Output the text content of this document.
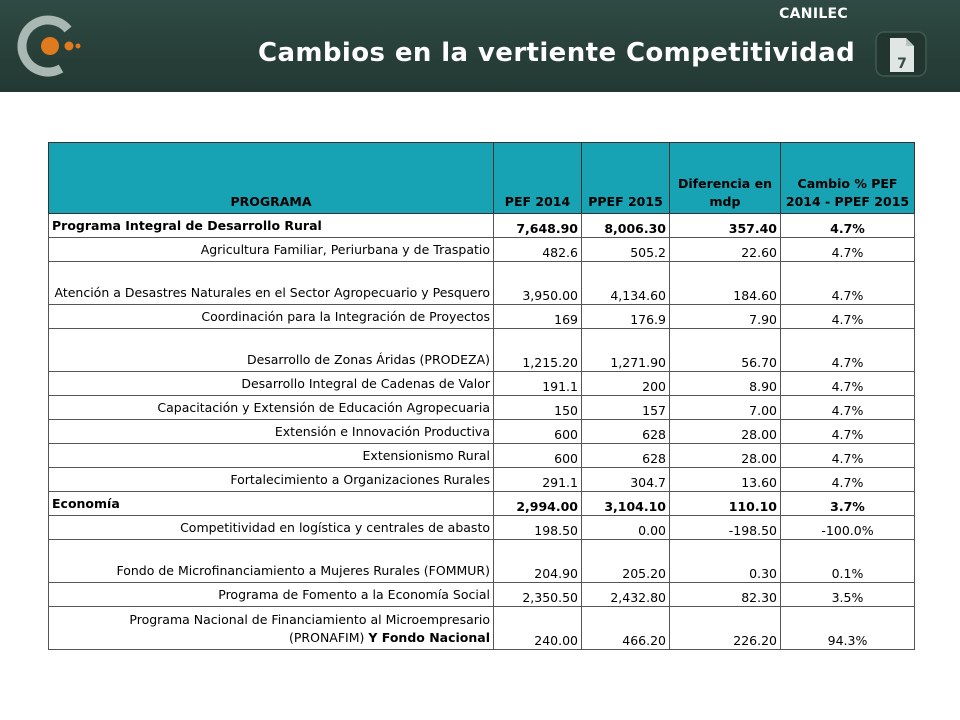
CANILEC
Cambios en la vertiente Competitividad	7
PROGRAMA	PEF 2014	PPEF 2015	Diferencia en mdp	Cambio % PEF 2014 - PPEF 2015
Programa Integral de Desarrollo Rural	7,648.90	8,006.30	357.40	4.7%
Agricultura Familiar, Periurbana y de Traspatio	482.6	505.2	22.60	4.7%
Atención a Desastres Naturales en el Sector Agropecuario y Pesquero	3,950.00	4,134.60	184.60	4.7%
Coordinación para la Integración de Proyectos	169	176.9	7.90	4.7%
Desarrollo de Zonas Áridas (PRODEZA)	1,215.20	1,271.90	56.70	4.7%
Desarrollo Integral de Cadenas de Valor	191.1	200	8.90	4.7%
Capacitación y Extensión de Educación Agropecuaria	150	157	7.00	4.7%
Extensión e Innovación Productiva	600	628	28.00	4.7%
Extensionismo Rural	600	628	28.00	4.7%
Fortalecimiento a Organizaciones Rurales	291.1	304.7	13.60	4.7%
Economía	2,994.00	3,104.10	110.10	3.7%
Competitividad en logística y centrales de abasto	198.50	0.00	-198.50	-100.0%
Fondo de Microfinanciamiento a Mujeres Rurales (FOMMUR)	204.90	205.20	0.30	0.1%
Programa de Fomento a la Economía Social	2,350.50	2,432.80	82.30	3.5%
Programa Nacional de Financiamiento al Microempresario (PRONAFIM) Y Fondo Nacional	240.00	466.20	226.20	94.3%
